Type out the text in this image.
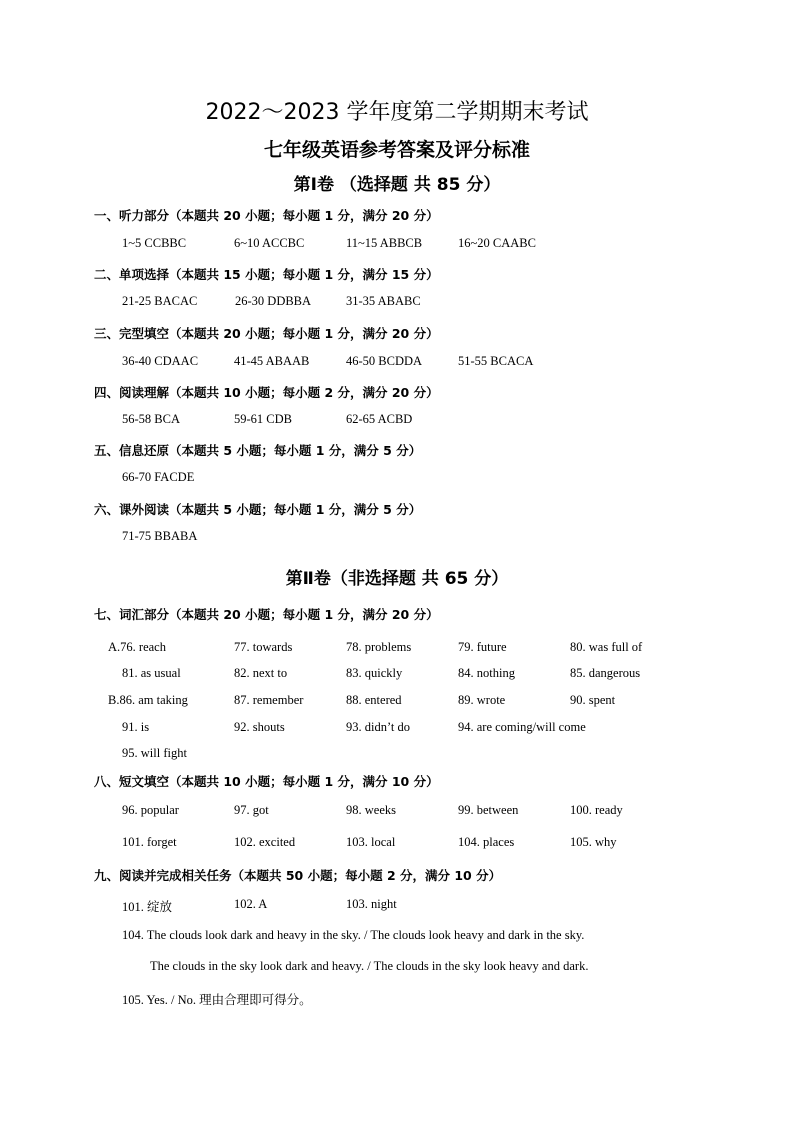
2022～2023 学年度第二学期期末考试
七年级英语参考答案及评分标准
第Ⅰ卷 （选择题 共 85 分）
一、听力部分（本题共 20 小题；每小题 1 分，满分 20 分）
1~5 CCBBC	6~10 ACCBC	11~15 ABBCB	16~20 CAABC
二、单项选择（本题共 15 小题；每小题 1 分，满分 15 分）
21-25 BACAC	26-30 DDBBA	31-35 ABABC
三、完型填空（本题共 20 小题；每小题 1 分，满分 20 分）
36-40 CDAAC	41-45 ABAAB	46-50 BCDDA	51-55 BCACA
四、阅读理解（本题共 10 小题；每小题 2 分，满分 20 分）
56-58 BCA	59-61 CDB	62-65 ACBD
五、信息还原（本题共 5 小题；每小题 1 分，满分 5 分）
66-70 FACDE
六、课外阅读（本题共 5 小题；每小题 1 分，满分 5 分）
71-75 BBABA
第Ⅱ卷（非选择题 共 65 分）
七、词汇部分（本题共 20 小题；每小题 1 分，满分 20 分）
A.76. reach	77. towards	78. problems	79. future	80. was full of
81. as usual	82. next to	83. quickly	84. nothing	85. dangerous
B.86. am taking	87. remember	88. entered	89. wrote	90. spent
91. is	92. shouts	93. didn’t do	94. are coming/will come
95. will fight
八、短文填空（本题共 10 小题；每小题 1 分，满分 10 分）
96. popular	97. got	98. weeks	99. between	100. ready
101. forget	102. excited	103. local	104. places	105. why
九、阅读并完成相关任务（本题共 50 小题；每小题 2 分，满分 10 分）
101. 绽放	102. A	103. night
104. The clouds look dark and heavy in the sky. / The clouds look heavy and dark in the sky.
The clouds in the sky look dark and heavy. / The clouds in the sky look heavy and dark.
105. Yes. / No. 理由合理即可得分。
